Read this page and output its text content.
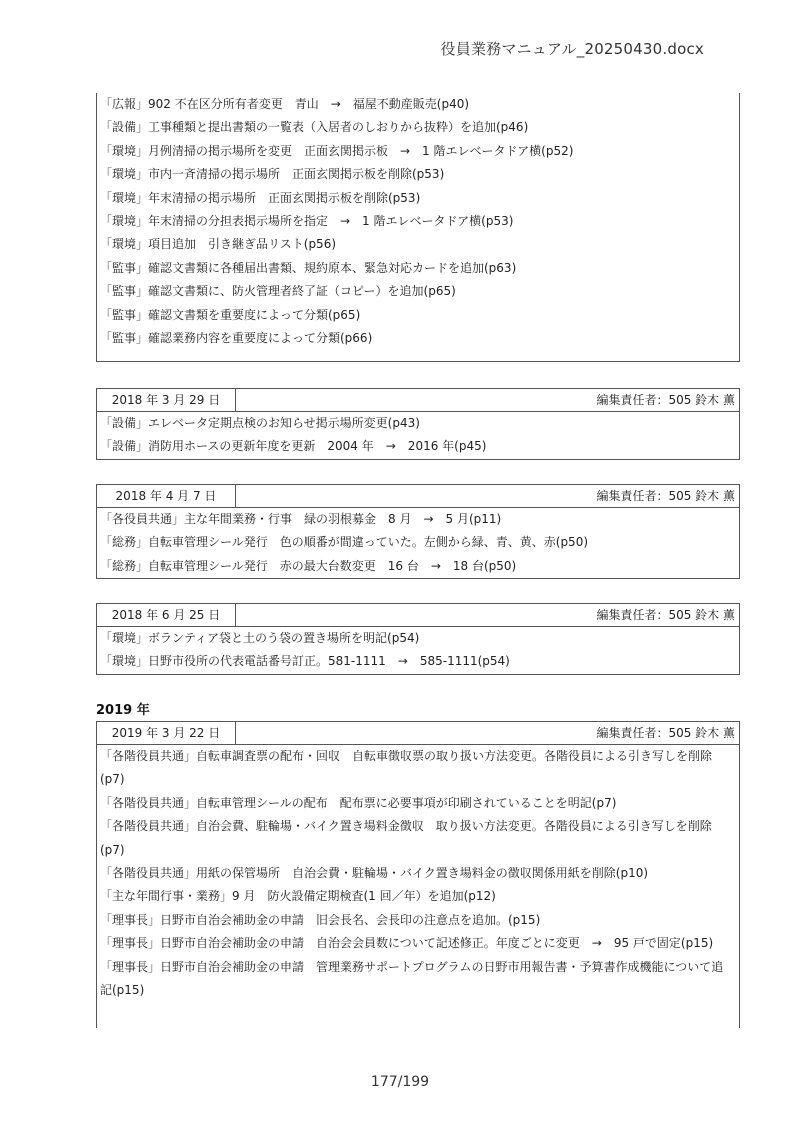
役員業務マニュアル_20250430.docx
「広報」902 不在区分所有者変更　青山　→　福屋不動産販売(p40)
「設備」工事種類と提出書類の一覧表（入居者のしおりから抜粋）を追加(p46)
「環境」月例清掃の掲示場所を変更　正面玄関掲示板　→　1 階エレベータドア横(p52)
「環境」市内一斉清掃の掲示場所　正面玄関掲示板を削除(p53)
「環境」年末清掃の掲示場所　正面玄関掲示板を削除(p53)
「環境」年末清掃の分担表掲示場所を指定　→　1 階エレベータドア横(p53)
「環境」項目追加　引き継ぎ品リスト(p56)
「監事」確認文書類に各種届出書類、規約原本、緊急対応カードを追加(p63)
「監事」確認文書類に、防火管理者終了証（コピー）を追加(p65)
「監事」確認文書類を重要度によって分類(p65)
「監事」確認業務内容を重要度によって分類(p66)
2018 年 3 月 29 日	編集責任者：505 鈴木 薫
「設備」エレベータ定期点検のお知らせ掲示場所変更(p43)
「設備」消防用ホースの更新年度を更新　2004 年　→　2016 年(p45)
2018 年 4 月 7 日	編集責任者：505 鈴木 薫
「各役員共通」主な年間業務・行事　緑の羽根募金　8 月　→　5 月(p11)
「総務」自転車管理シール発行　色の順番が間違っていた。左側から緑、青、黄、赤(p50)
「総務」自転車管理シール発行　赤の最大台数変更　16 台　→　18 台(p50)
2018 年 6 月 25 日	編集責任者：505 鈴木 薫
「環境」ボランティア袋と土のう袋の置き場所を明記(p54)
「環境」日野市役所の代表電話番号訂正。581-1111　→　585-1111(p54)
2019 年
2019 年 3 月 22 日	編集責任者：505 鈴木 薫
「各階役員共通」自転車調査票の配布・回収　自転車徴収票の取り扱い方法変更。各階役員による引き写しを削除(p7)
「各階役員共通」自転車管理シールの配布　配布票に必要事項が印刷されていることを明記(p7)
「各階役員共通」自治会費、駐輪場・バイク置き場料金徴収　取り扱い方法変更。各階役員による引き写しを削除(p7)
「各階役員共通」用紙の保管場所　自治会費・駐輪場・バイク置き場料金の徴収関係用紙を削除(p10)
「主な年間行事・業務」9 月　防火設備定期検査(1 回／年）を追加(p12)
「理事長」日野市自治会補助金の申請　旧会長名、会長印の注意点を追加。(p15)
「理事長」日野市自治会補助金の申請　自治会会員数について記述修正。年度ごとに変更　→　95 戸で固定(p15)
「理事長」日野市自治会補助金の申請　管理業務サポートプログラムの日野市用報告書・予算書作成機能について追記(p15)
177/199
